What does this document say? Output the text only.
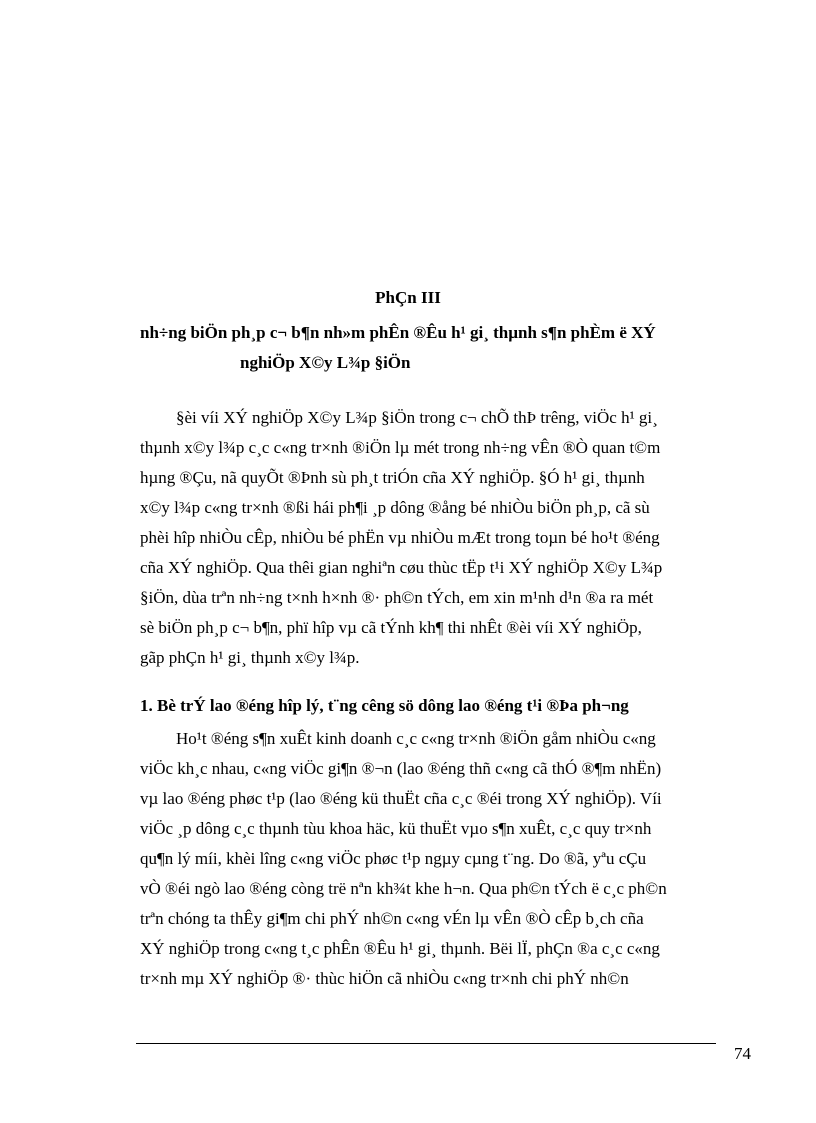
PhÇn III
nh÷ng biÖn ph¸p c¬ b¶n nh»m phÊn ®Êu h¹ gi¸ thµnh s¶n phÈm ë XÝ
nghiÖp X©y L¾p §iÖn
§èi víi XÝ nghiÖp X©y L¾p §iÖn trong c¬ chÕ thÞ trêng, viÖc h¹ gi¸
thµnh x©y l¾p c¸c c«ng tr×nh ®iÖn lµ mét trong nh÷ng vÊn ®Ò quan t©m
hµng ®Çu, nã quyÕt ®Þnh sù ph¸t triÓn cña XÝ nghiÖp. §Ó h¹ gi¸ thµnh
x©y l¾p c«ng tr×nh ®ßi hái ph¶i ¸p dông ®ång bé nhiÒu biÖn ph¸p, cã sù
phèi hîp nhiÒu cÊp, nhiÒu bé phËn vµ nhiÒu mÆt trong toµn bé ho¹t ®éng
cña XÝ nghiÖp. Qua thêi gian nghiªn cøu thùc tËp t¹i XÝ nghiÖp X©y L¾p
§iÖn, dùa trªn nh÷ng t×nh h×nh ®· ph©n tÝch, em xin m¹nh d¹n ®a ra mét
sè biÖn ph¸p c¬ b¶n, phï hîp vµ cã tÝnh kh¶ thi nhÊt ®èi víi XÝ nghiÖp,
gãp phÇn h¹ gi¸ thµnh x©y l¾p.
1. Bè trÝ lao ®éng hîp lý, t¨ng cêng sö dông lao ®éng t¹i ®Þa ph¬ng
Ho¹t ®éng s¶n xuÊt kinh doanh c¸c c«ng tr×nh ®iÖn gåm nhiÒu c«ng
viÖc kh¸c nhau, c«ng viÖc gi¶n ®¬n (lao ®éng thñ c«ng cã thÓ ®¶m nhËn)
vµ lao ®éng phøc t¹p (lao ®éng kü thuËt cña c¸c ®éi trong XÝ nghiÖp). Víi
viÖc ¸p dông c¸c thµnh tùu khoa häc, kü thuËt vµo s¶n xuÊt, c¸c quy tr×nh
qu¶n lý míi, khèi lîng c«ng viÖc phøc t¹p ngµy cµng t¨ng. Do ®ã, yªu cÇu
vÒ ®éi ngò lao ®éng còng trë nªn kh¾t khe h¬n. Qua ph©n tÝch ë c¸c ph©n
trªn chóng ta thÊy gi¶m chi phÝ nh©n c«ng vÉn lµ vÊn ®Ò cÊp b¸ch cña
XÝ nghiÖp trong c«ng t¸c phÊn ®Êu h¹ gi¸ thµnh. Bëi lÏ, phÇn ®a c¸c c«ng
tr×nh mµ XÝ nghiÖp ®· thùc hiÖn cã nhiÒu c«ng tr×nh chi phÝ nh©n
74
